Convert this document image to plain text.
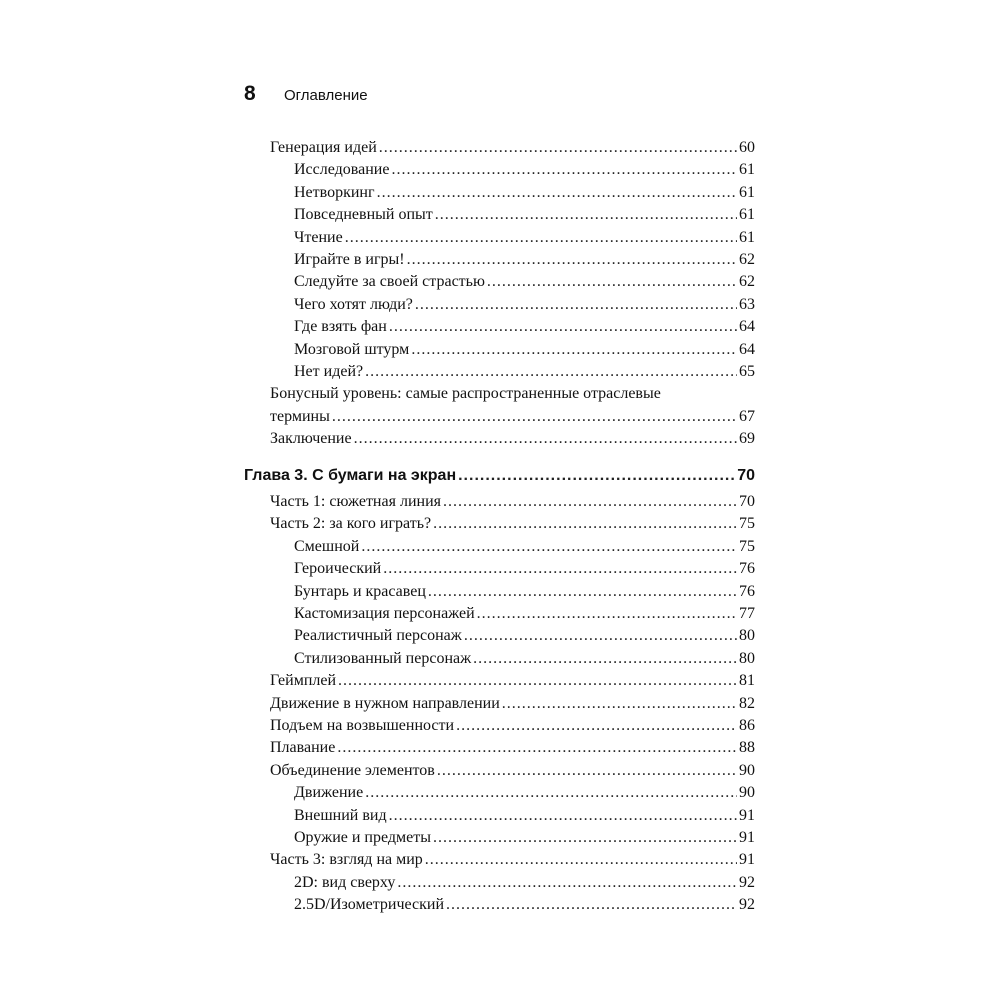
8	Оглавление
Генерация идей .....	60
Исследование .....	61
Нетворкинг .....	61
Повседневный опыт .....	61
Чтение .....	61
Играйте в игры! .....	62
Следуйте за своей страстью .....	62
Чего хотят люди? .....	63
Где взять фан .....	64
Мозговой штурм .....	64
Нет идей? .....	65
Бонусный уровень: самые распространенные отраслевые
термины .....	67
Заключение .....	69
Глава 3. С бумаги на экран .....	70
Часть 1: сюжетная линия .....	70
Часть 2: за кого играть? .....	75
Смешной .....	75
Героический .....	76
Бунтарь и красавец .....	76
Кастомизация персонажей .....	77
Реалистичный персонаж .....	80
Стилизованный персонаж .....	80
Геймплей .....	81
Движение в нужном направлении .....	82
Подъем на возвышенности .....	86
Плавание .....	88
Объединение элементов .....	90
Движение .....	90
Внешний вид .....	91
Оружие и предметы .....	91
Часть 3: взгляд на мир .....	91
2D: вид сверху .....	92
2.5D/Изометрический .....	92
